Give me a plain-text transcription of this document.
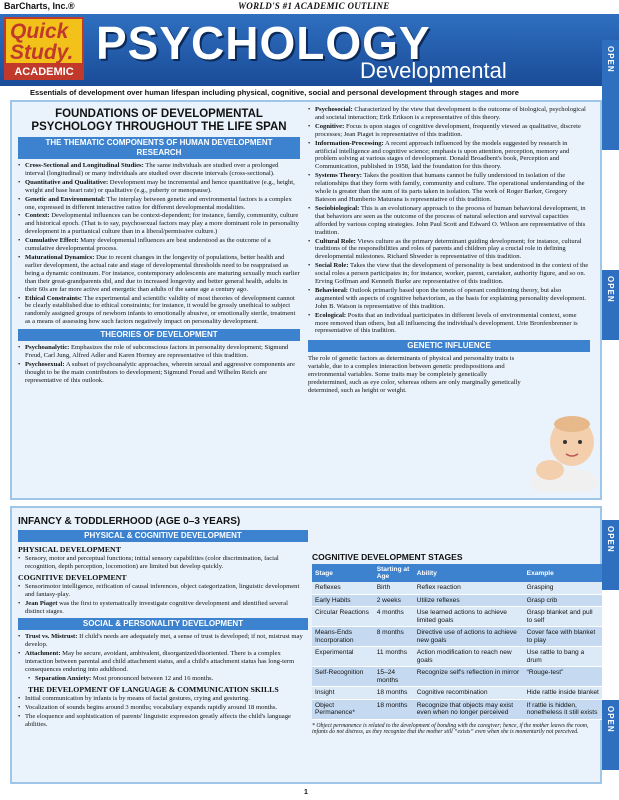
BarCharts, Inc.®	WORLD'S #1 ACADEMIC OUTLINE
Quick
Study.
ACADEMIC
PSYCHOLOGY
Developmental
Essentials of development over human lifespan including physical, cognitive, social and personal development through stages and more
OPEN
OPEN
OPEN
OPEN
FOUNDATIONS OF DEVELOPMENTAL PSYCHOLOGY THROUGHOUT THE LIFE SPAN
THE THEMATIC COMPONENTS OF HUMAN DEVELOPMENT RESEARCH
• Cross-Sectional and Longitudinal Studies: The same individuals are studied over a prolonged interval (longitudinal) or many individuals are studied over discrete intervals (cross-sectional).
• Quantitative and Qualitative: Development may be incremental and hence quantitative (e.g., height, weight and base heart rate) or qualitative (e.g., puberty or menopause).
• Genetic and Environmental: The interplay between genetic and environmental factors is a complex one, expressed in different interactive ratios for different developmental modalities.
• Context: Developmental influences can be context-dependent; for instance, family, community, culture and historical epoch. (That is to say, psychosexual factors may play a more dominant role in personality development in a puritanical culture than in a liberal/permissive culture.)
• Cumulative Effect: Many developmental influences are best understood as the outcome of a cumulative developmental process.
• Maturational Dynamics: Due to recent changes in the longevity of populations, better health and earlier development, the actual rate and stage of developmental thresholds need to be reappraised as being a dynamic continuum. For instance, contemporary adolescents are maturing sexually much earlier than their great-grandparents did, and due to increased longevity and better general health, adults in their 60s are far more active and energetic than adults of the same age a century ago.
• Ethical Constraints: The experimental and scientific validity of most theories of development cannot be clearly established due to ethical constraints; for instance, it would be grossly unethical to subject randomly assigned groups of newborn infants to emotionally abusive, or emotionally sterile, treatment as a means of assessing how such factors negatively impact on personality development.
THEORIES OF DEVELOPMENT
• Psychoanalytic: Emphasizes the role of subconscious factors in personality development; Sigmund Freud, Carl Jung, Alfred Adler and Karen Horney are representative of this tradition.
• Psychosexual: A subset of psychoanalytic approaches, wherein sexual and aggressive components are thought to be the main contributors to development; Sigmund Freud and Wilhelm Reich are representative of this outlook.
• Psychosocial: Characterized by the view that development is the outcome of biological, psychological and societal interaction; Erik Erikson is a representative of this theory.
• Cognitive: Focus is upon stages of cognitive development, frequently viewed as qualitative, discrete processes; Jean Piaget is representative of this tradition.
• Information-Processing: A recent approach influenced by the models suggested by research in artificial intelligence and cognitive science; emphasis is upon attention, perception, memory and problem solving at various stages of development. Donald Broadbent's book, Perception and Communication, published in 1958, laid the foundation for this theory.
• Systems Theory: Takes the position that humans cannot be fully understood in isolation of the relationships that they form with family, community and culture. The operational understanding of the whole is greater than the sum of its parts taken in isolation. The work of Roger Barker, Gregory Bateson and Humberto Maturana is representative of this tradition.
• Sociobiological: This is an evolutionary approach to the process of human behavioral development, in that behaviors are seen as the outcome of the process of natural selection and survival capacities afforded by various coping strategies. John Paul Scott and Edward O. Wilson are representative of this tradition.
• Cultural Role: Views culture as the primary determinant guiding development; for instance, cultural traditions of the responsibilities and roles of parents and children play a crucial role in defining developmental milestones. Richard Shweder is representative of this tradition.
• Social Role: Takes the view that the development of personality is best understood in the context of the social roles a person participates in; for instance, worker, parent, caretaker, authority figure, and so on. Erving Goffman and Kenneth Burke are representative of this tradition.
• Behavioral: Outlook primarily based upon the tenets of operant conditioning theory, but also augmented with aspects of cognitive behaviorism, as the basis for explaining personality development. John B. Watson is representative of this tradition.
• Ecological: Posits that an individual participates in different levels of environmental context, some more removed than others, but all influencing the individual's development. Urie Bronfenbrenner is representative of this tradition.
GENETIC INFLUENCE
The role of genetic factors as determinants of physical and personality traits is variable, due to a complex interaction between genetic predispositions and environmental variables. Some traits may be completely genetically predetermined, such as eye color, whereas others are only marginally genetically determined, such as height or weight.
INFANCY & TODDLERHOOD (AGE 0–3 YEARS)
PHYSICAL & COGNITIVE DEVELOPMENT
PHYSICAL DEVELOPMENT
• Sensory, motor and perceptual functions; initial sensory capabilities (color discrimination, facial recognition, depth perception, locomotion) are limited but develop quickly.
COGNITIVE DEVELOPMENT
• Sensorimotor intelligence, reification of causal inferences, object categorization, linguistic development and fantasy-play.
• Jean Piaget was the first to systematically investigate cognitive development and identified several distinct stages.
SOCIAL & PERSONALITY DEVELOPMENT
• Trust vs. Mistrust: If child's needs are adequately met, a sense of trust is developed; if not, mistrust may develop.
• Attachment: May be secure, avoidant, ambivalent, disorganized/disoriented. There is a complex interaction between parental and child attachment status, and a child's attachment status has long-term consequences enduring into adulthood.
• Separation Anxiety: Most pronounced between 12 and 16 months.
THE DEVELOPMENT OF LANGUAGE & COMMUNICATION SKILLS
• Initial communication by infants is by means of facial gestures, crying and gesturing.
• Vocalization of sounds begins around 3 months; vocabulary expands rapidly around 18 months.
• The eloquence and sophistication of parents' linguistic expression greatly affects the child's language abilities.
COGNITIVE DEVELOPMENT STAGES
Stage	Starting at Age	Ability	Example
Reflexes	Birth	Reflex reaction	Grasping
Early Habits	2 weeks	Utilize reflexes	Grasp crib
Circular Reactions	4 months	Use learned actions to achieve limited goals	Grasp blanket and pull to self
Means-Ends Incorporation	8 months	Directive use of actions to achieve new goals	Cover face with blanket to play
Experimental	11 months	Action modification to reach new goals	Use rattle to bang a drum
Self-Recognition	15–24 months	Recognize self's reflection in mirror	“Rouge-test”
Insight	18 months	Cognitive recombination	Hide rattle inside blanket
Object Permanence*	18 months	Recognize that objects may exist even when no longer perceived	If rattle is hidden, nonetheless it still exists
* Object permanence is related to the development of bonding with the caregiver; hence, if the mother leaves the room, infants do not distress, as they recognize that the mother still “exists” even when she is momentarily not perceived.
1
